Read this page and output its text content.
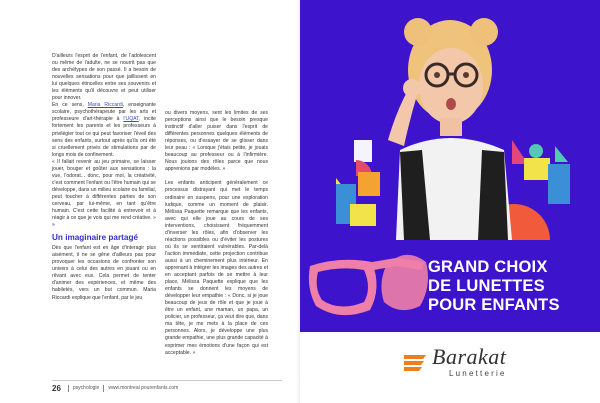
D'ailleurs l'esprit de l'enfant, de l'adolescent ou même de l'adulte, ne se nourrit pas que des archétypes de son passé. Il a besoin de nouvelles sensations pour que jaillissent en lui quelques étincelles entre ses souvenirs et les éléments qu'il découvre et peut utiliser pour innover.

En ce sens, Maria Riccardi, enseignante scolaire, psychothérapeute par les arts et professeure d'art-thérapie à l'UQAT, incite fortement les parents et les professeurs à privilégier tout ce qui peut favoriser l'éveil des sens des enfants, surtout après qu'ils ont été si cruellement privés de stimulations par de longs mois de confinement.

« Il fallait revenir au jeu primaire, se laisser jouer, bouger et goûter aux sensations : la vue, l'odorat... donc, pour moi, la créativité, c'est comment l'enfant ou l'être humain qui se développe, dans un milieu scolaire ou familial, peut toucher à différentes parties de son cerveau, par lui-même, en tant qu'être humain. C'est cette facilité à entrevoir et à réagir à ce que je vois qui me rend créative. » »

Un imaginaire partagé

Dès que l'enfant est en âge d'interagir plus aisément, il ne se gêne d'ailleurs pas pour provoquer les occasions de confronter son univers à celui des autres en jouant ou en rêvant avec eux. Cela permet de tenter d'animer des expériences, et même des habiletés, vers un but commun. Maria Riccardi explique que l'enfant, par le jeu

ou divers moyens, sent les limites de ses perceptions ainsi que le besoin presque instinctif d'aller puiser dans l'esprit de différentes personnes quelques éléments de réponses, ou d'essayer de se glisser dans leur peau : « Lorsque j'étais petite, je jouais beaucoup au professeur ou à l'infirmière. Nous jouions des rôles parce que nous apprenions par modèles. »

Les enfants anticipent généralement ce processus distrayant qui met le temps ordinaire en suspens, pour une exploration ludique, comme un moment de plaisir. Mélissa Paquette remarque que les enfants, avec qui elle joue au cours de ses interventions, choisissent fréquemment d'inverser les rôles, afin d'observer les réactions possibles ou d'éviter les postures où ils se sentiraient vulnérables. Par-delà l'action immédiate, cette projection contribue aussi à un cheminement plus intérieur. En apprenant à intégrer les images des autres et en acceptant parfois de se mettre à leur place, Mélissa Paquette explique que les enfants se donnent les moyens de développer leur empathie : « Donc, si je joue beaucoup de jeux de rôle et que je joue à être un enfant, une maman, un papa, un policier, un professeur, ça veut dire que, dans ma tête, je me mets à la place de ces personnes. Alors, je développe une plus grande empathie, une plus grande capacité à exprimer mes émotions d'une façon qui est acceptable. »

26 psychologie www.montreal pourenfants.com
GRAND CHOIX
DE LUNETTES
POUR ENFANTS
Barakat
Lunetterie
